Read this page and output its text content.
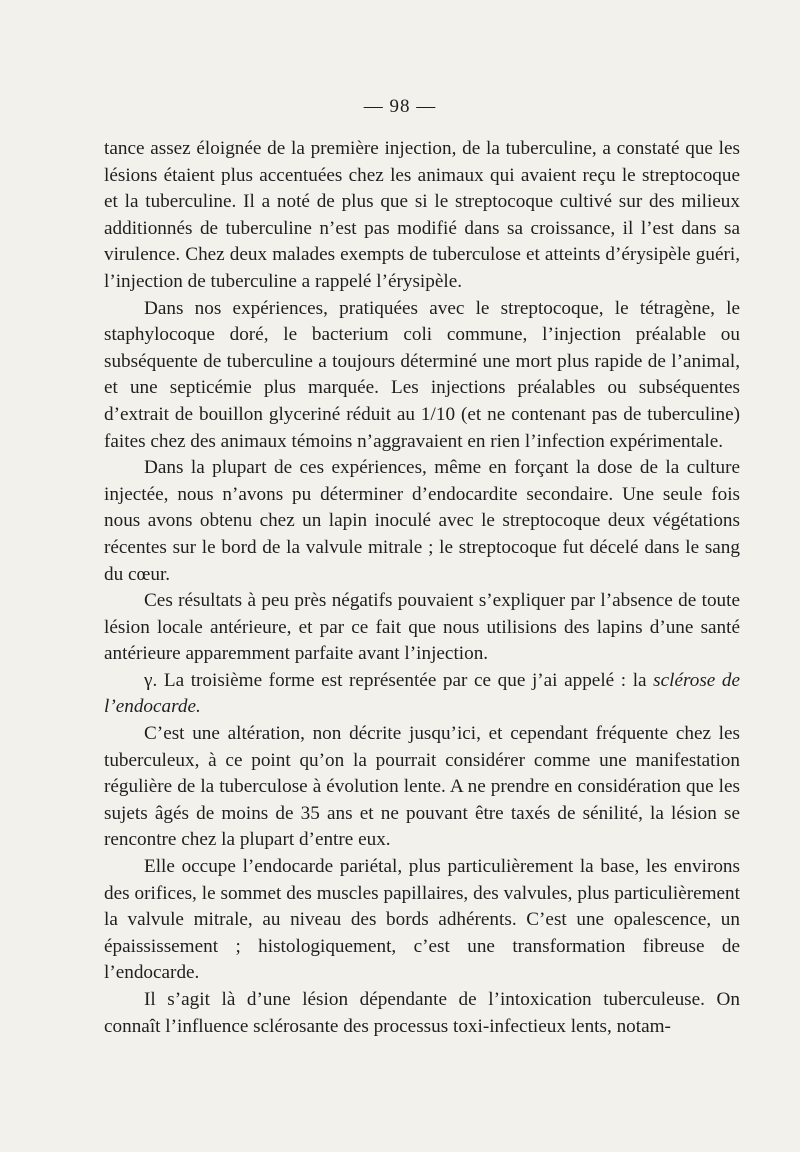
— 98 —

tance assez éloignée de la première injection, de la tuberculine, a constaté que les lésions étaient plus accentuées chez les animaux qui avaient reçu le streptocoque et la tuberculine. Il a noté de plus que si le streptocoque cultivé sur des milieux additionnés de tuberculine n’est pas modifié dans sa croissance, il l’est dans sa virulence. Chez deux malades exempts de tuberculose et atteints d’érysipèle guéri, l’injection de tuberculine a rappelé l’érysipèle.

Dans nos expériences, pratiquées avec le streptocoque, le tétragène, le staphylocoque doré, le bacterium coli commune, l’injection préalable ou subséquente de tuberculine a toujours déterminé une mort plus rapide de l’animal, et une septicémie plus marquée. Les injections préalables ou subséquentes d’extrait de bouillon glyceriné réduit au 1/10 (et ne contenant pas de tuberculine) faites chez des animaux témoins n’aggravaient en rien l’infection expérimentale.

Dans la plupart de ces expériences, même en forçant la dose de la culture injectée, nous n’avons pu déterminer d’endocardite secondaire. Une seule fois nous avons obtenu chez un lapin inoculé avec le streptocoque deux végétations récentes sur le bord de la valvule mitrale ; le streptocoque fut décelé dans le sang du cœur.

Ces résultats à peu près négatifs pouvaient s’expliquer par l’absence de toute lésion locale antérieure, et par ce fait que nous utilisions des lapins d’une santé antérieure apparemment parfaite avant l’injection.

γ. La troisième forme est représentée par ce que j’ai appelé : la sclérose de l’endocarde.

C’est une altération, non décrite jusqu’ici, et cependant fréquente chez les tuberculeux, à ce point qu’on la pourrait considérer comme une manifestation régulière de la tuberculose à évolution lente. A ne prendre en considération que les sujets âgés de moins de 35 ans et ne pouvant être taxés de sénilité, la lésion se rencontre chez la plupart d’entre eux.

Elle occupe l’endocarde pariétal, plus particulièrement la base, les environs des orifices, le sommet des muscles papillaires, des valvules, plus particulièrement la valvule mitrale, au niveau des bords adhérents. C’est une opalescence, un épaississement ; histologiquement, c’est une transformation fibreuse de l’endocarde.

Il s’agit là d’une lésion dépendante de l’intoxication tuberculeuse. On connaît l’influence sclérosante des processus toxi-infectieux lents, notam-
